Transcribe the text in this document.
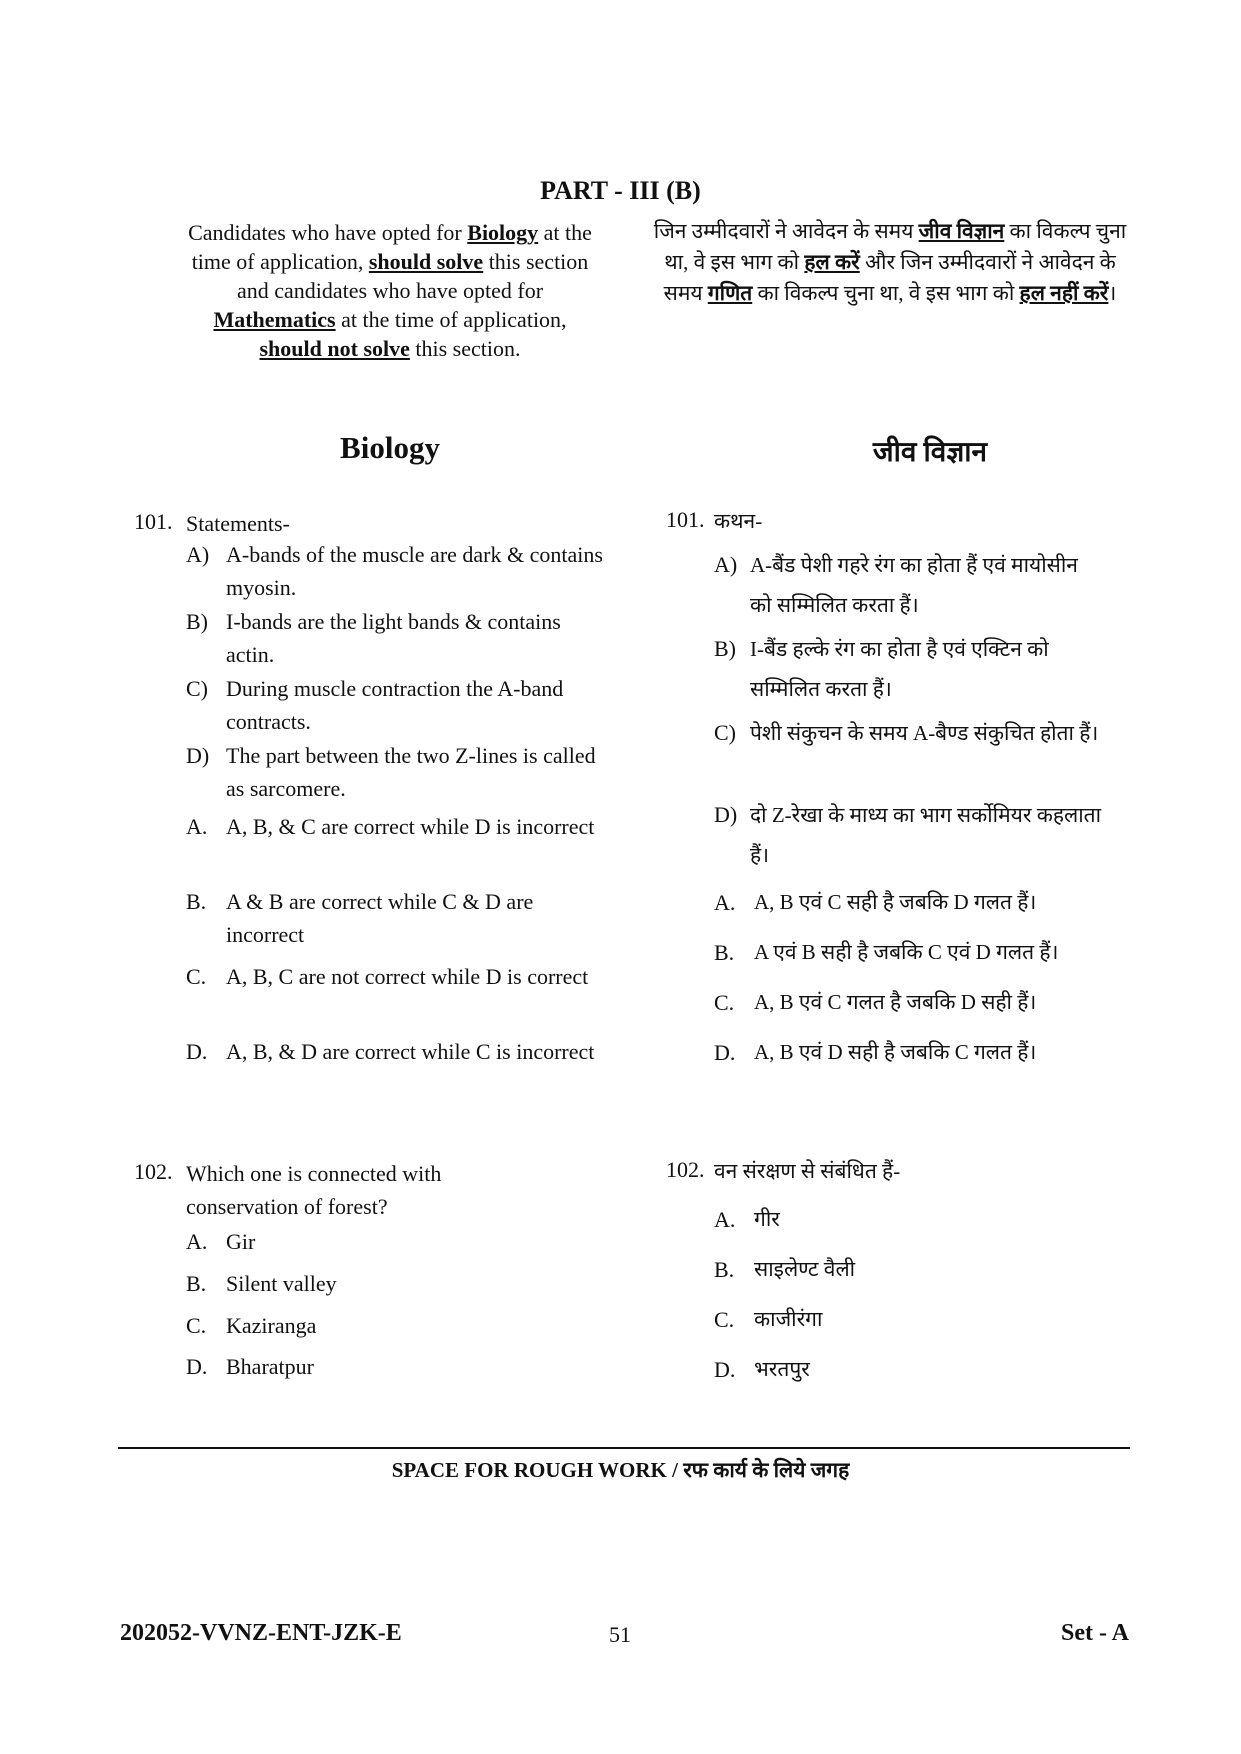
PART - III (B)
Candidates who have opted for Biology at the time of application, should solve this section and candidates who have opted for Mathematics at the time of application, should not solve this section.
जिन उम्मीदवारों ने आवेदन के समय जीव विज्ञान का विकल्प चुना था, वे इस भाग को हल करें और जिन उम्मीदवारों ने आवेदन के समय गणित का विकल्प चुना था, वे इस भाग को हल नहीं करें।
Biology	जीव विज्ञान
101. Statements-
A) A-bands of the muscle are dark & contains myosin.
B) I-bands are the light bands & contains actin.
C) During muscle contraction the A-band contracts.
D) The part between the two Z-lines is called as sarcomere.
A. A, B, & C are correct while D is incorrect
B. A & B are correct while C & D are incorrect
C. A, B, C are not correct while D is correct
D. A, B, & D are correct while C is incorrect
102. Which one is connected with conservation of forest?
A. Gir
B. Silent valley
C. Kaziranga
D. Bharatpur
101. कथन-
A) A-बैंड पेशी गहरे रंग का होता हैं एवं मायोसीन को सम्मिलित करता हैं।
B) I-बैंड हल्के रंग का होता है एवं एक्टिन को सम्मिलित करता हैं।
C) पेशी संकुचन के समय A-बैण्ड संकुचित होता हैं।
D) दो Z-रेखा के माध्य का भाग सर्कोमियर कहलाता हैं।
A. A, B एवं C सही है जबकि D गलत हैं।
B. A एवं B सही है जबकि C एवं D गलत हैं।
C. A, B एवं C गलत है जबकि D सही हैं।
D. A, B एवं D सही है जबकि C गलत हैं।
102. वन संरक्षण से संबंधित हैं-
A. गीर
B. साइलेण्ट वैली
C. काजीरंगा
D. भरतपुर
SPACE FOR ROUGH WORK / रफ कार्य के लिये जगह
202052-VVNZ-ENT-JZK-E	51	Set - A
